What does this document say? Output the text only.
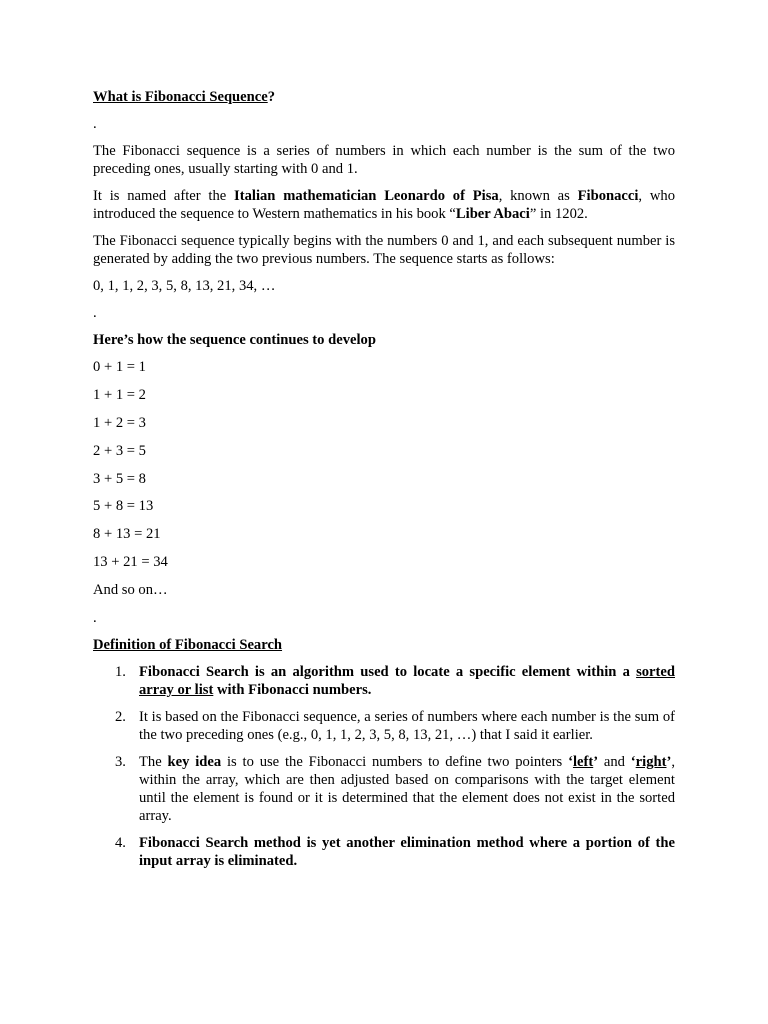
What is Fibonacci Sequence?

.

The Fibonacci sequence is a series of numbers in which each number is the sum of the two preceding ones, usually starting with 0 and 1.

It is named after the Italian mathematician Leonardo of Pisa, known as Fibonacci, who introduced the sequence to Western mathematics in his book “Liber Abaci” in 1202.

The Fibonacci sequence typically begins with the numbers 0 and 1, and each subsequent number is generated by adding the two previous numbers. The sequence starts as follows:

0, 1, 1, 2, 3, 5, 8, 13, 21, 34, …

.

Here’s how the sequence continues to develop

0 + 1 = 1

1 + 1 = 2

1 + 2 = 3

2 + 3 = 5

3 + 5 = 8

5 + 8 = 13

8 + 13 = 21

13 + 21 = 34

And so on…

.

Definition of Fibonacci Search

1. Fibonacci Search is an algorithm used to locate a specific element within a sorted array or list with Fibonacci numbers.
2. It is based on the Fibonacci sequence, a series of numbers where each number is the sum of the two preceding ones (e.g., 0, 1, 1, 2, 3, 5, 8, 13, 21, …) that I said it earlier.
3. The key idea is to use the Fibonacci numbers to define two pointers ‘left’ and ‘right’, within the array, which are then adjusted based on comparisons with the target element until the element is found or it is determined that the element does not exist in the sorted array.
4. Fibonacci Search method is yet another elimination method where a portion of the input array is eliminated.
